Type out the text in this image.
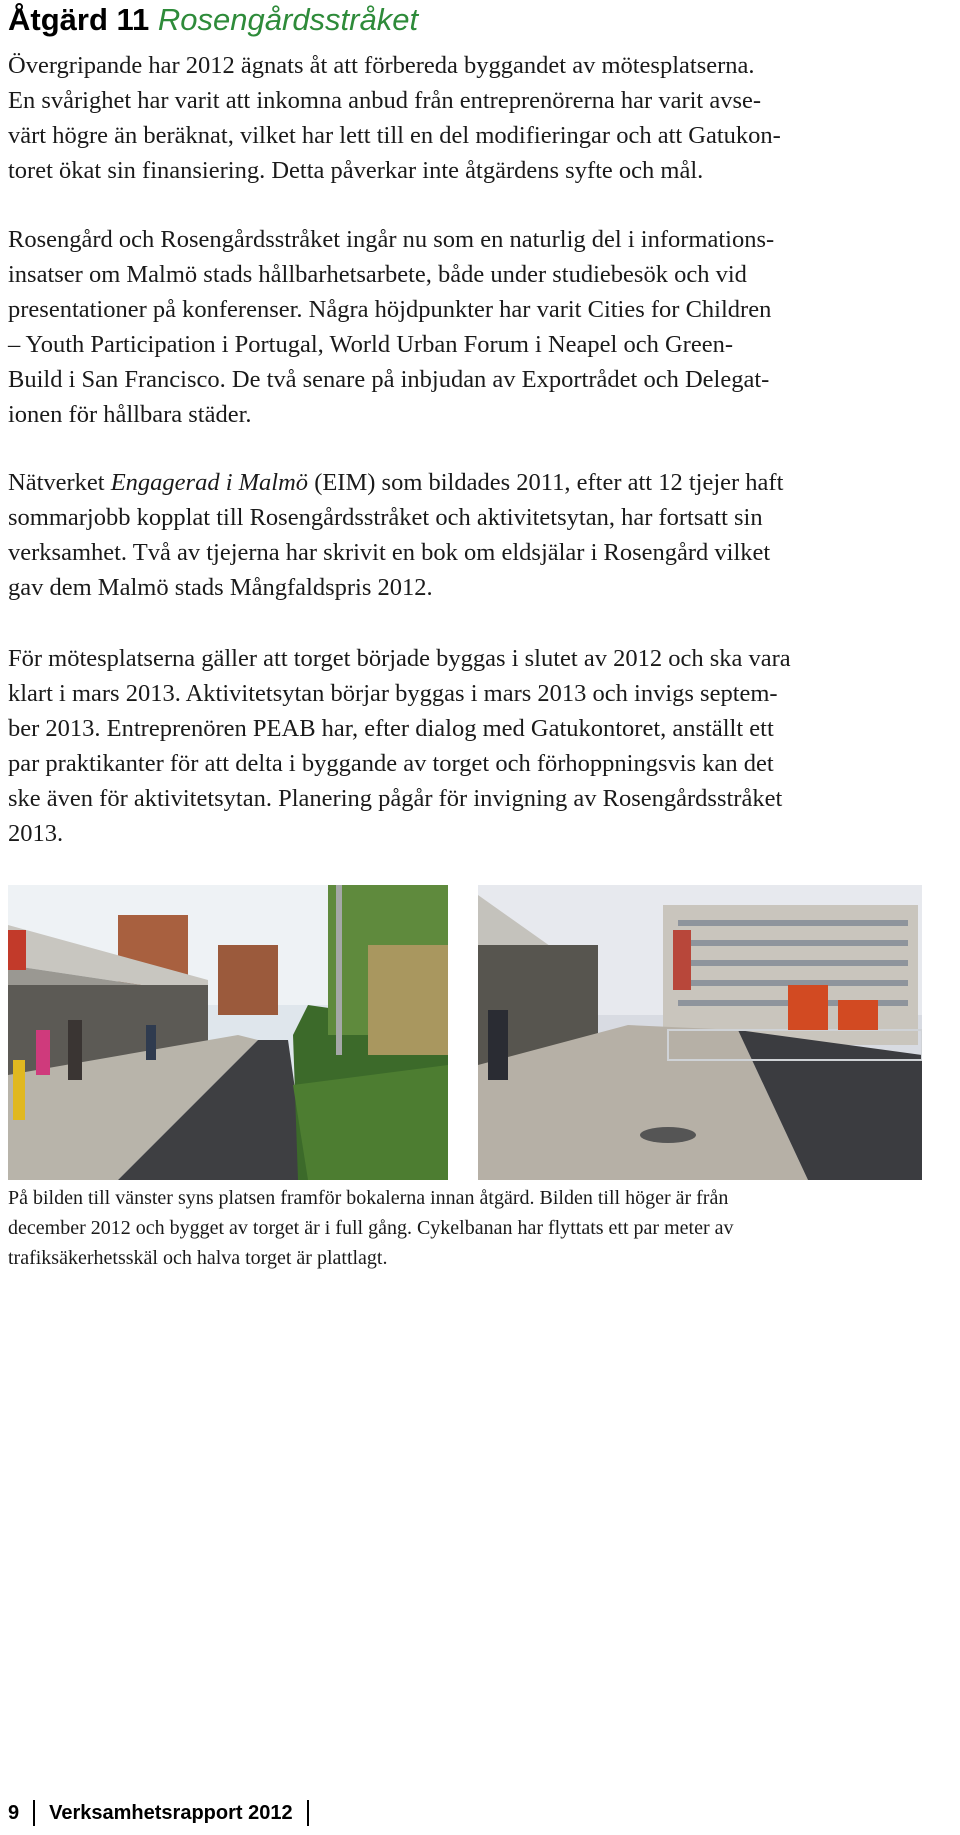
Åtgärd 11 Rosengårdsstråket
Övergripande har 2012 ägnats åt att förbereda byggandet av mötesplatserna.
En svårighet har varit att inkomna anbud från entreprenörerna har varit avse-
värt högre än beräknat, vilket har lett till en del modifieringar och att Gatukon-
toret ökat sin finansiering. Detta påverkar inte åtgärdens syfte och mål.
Rosengård och Rosengårdsstråket ingår nu som en naturlig del i informations-
insatser om Malmö stads hållbarhetsarbete, både under studiebesök och vid
presentationer på konferenser. Några höjdpunkter har varit Cities for Children
– Youth Participation i Portugal, World Urban Forum i Neapel och Green-
Build i San Francisco. De två senare på inbjudan av Exportrådet och Delegat-
ionen för hållbara städer.
Nätverket Engagerad i Malmö (EIM) som bildades 2011, efter att 12 tjejer haft
sommarjobb kopplat till Rosengårdsstråket och aktivitetsytan, har fortsatt sin
verksamhet. Två av tjejerna har skrivit en bok om eldsjälar i Rosengård vilket
gav dem Malmö stads Mångfaldspris 2012.
För mötesplatserna gäller att torget började byggas i slutet av 2012 och ska vara
klart i mars 2013. Aktivitetsytan börjar byggas i mars 2013 och invigs septem-
ber 2013. Entreprenören PEAB har, efter dialog med Gatukontoret, anställt ett
par praktikanter för att delta i byggande av torget och förhoppningsvis kan det
ske även för aktivitetsytan. Planering pågår för invigning av Rosengårdsstråket
2013.
På bilden till vänster syns platsen framför bokalerna innan åtgärd. Bilden till höger är från
december 2012 och bygget av torget är i full gång. Cykelbanan har flyttats ett par meter av
trafiksäkerhetsskäl och halva torget är plattlagt.
9 Verksamhetsrapport 2012
